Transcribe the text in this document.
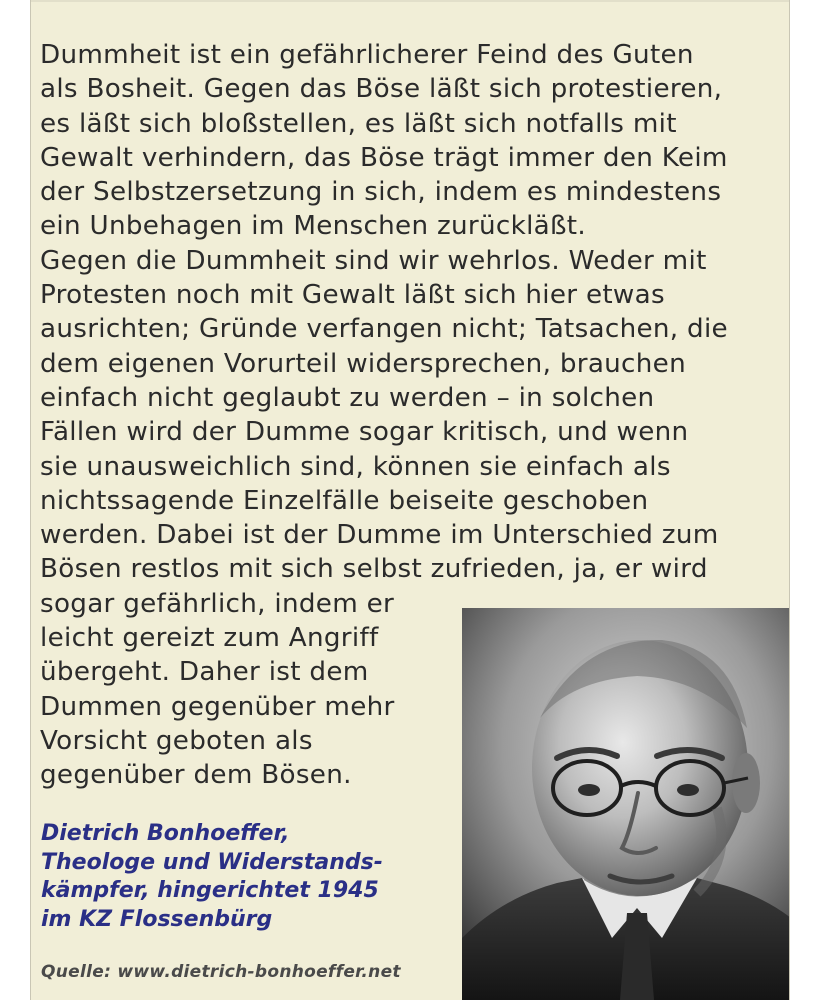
Dummheit ist ein gefährlicherer Feind des Guten
als Bosheit. Gegen das Böse läßt sich protestieren,
es läßt sich bloßstellen, es läßt sich notfalls mit
Gewalt verhindern, das Böse trägt immer den Keim
der Selbstzersetzung in sich, indem es mindestens
ein Unbehagen im Menschen zurückläßt.
Gegen die Dummheit sind wir wehrlos. Weder mit
Protesten noch mit Gewalt läßt sich hier etwas
ausrichten; Gründe verfangen nicht; Tatsachen, die
dem eigenen Vorurteil widersprechen, brauchen
einfach nicht geglaubt zu werden – in solchen
Fällen wird der Dumme sogar kritisch, und wenn
sie unausweichlich sind, können sie einfach als
nichtssagende Einzelfälle beiseite geschoben
werden. Dabei ist der Dumme im Unterschied zum
Bösen restlos mit sich selbst zufrieden, ja, er wird
sogar gefährlich, indem er
leicht gereizt zum Angriff
übergeht. Daher ist dem
Dummen gegenüber mehr
Vorsicht geboten als
gegenüber dem Bösen.
Dietrich Bonhoeffer,
Theologe und Widerstands-
kämpfer, hingerichtet 1945
im KZ Flossenbürg
Quelle: www.dietrich-bonhoeffer.net
